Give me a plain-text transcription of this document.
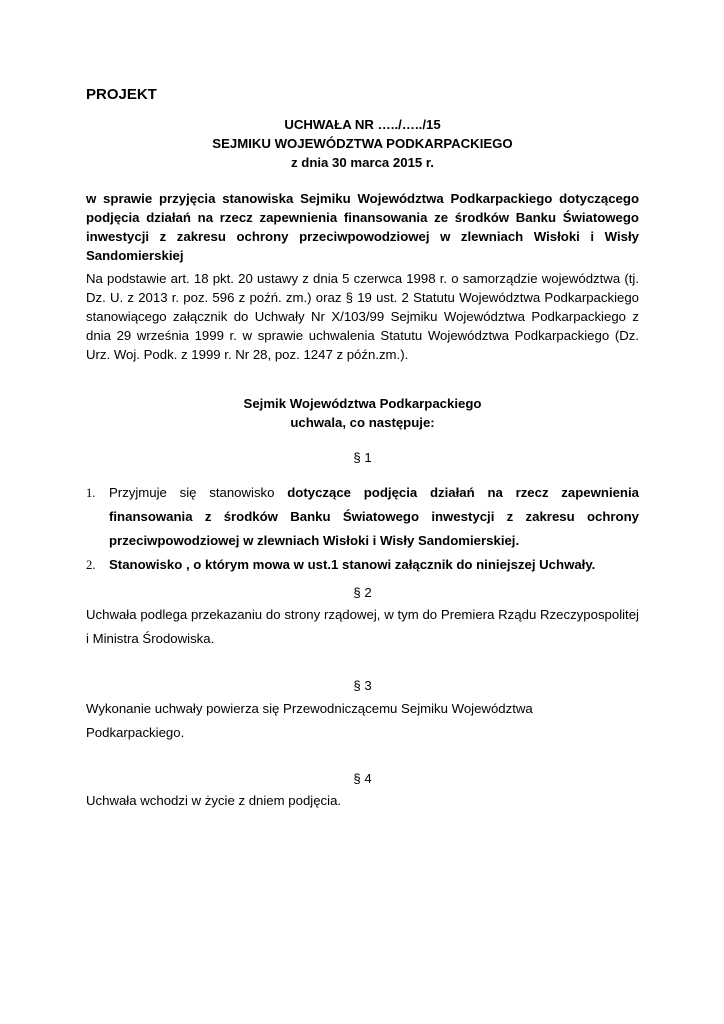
PROJEKT
UCHWAŁA NR …../…../15
SEJMIKU WOJEWÓDZTWA PODKARPACKIEGO
z dnia 30 marca 2015 r.
w sprawie przyjęcia stanowiska Sejmiku Województwa Podkarpackiego dotyczącego podjęcia działań na rzecz zapewnienia finansowania ze środków Banku Światowego inwestycji z zakresu ochrony przeciwpowodziowej w zlewniach Wisłoki i Wisły Sandomierskiej
Na podstawie art. 18 pkt. 20 ustawy z dnia 5 czerwca 1998 r. o samorządzie województwa (tj. Dz. U. z 2013 r. poz. 596 z poźń. zm.) oraz § 19 ust. 2 Statutu Województwa Podkarpackiego stanowiącego załącznik do Uchwały Nr X/103/99 Sejmiku Województwa Podkarpackiego z dnia 29 września 1999 r. w sprawie uchwalenia Statutu Województwa Podkarpackiego (Dz. Urz. Woj. Podk. z 1999 r. Nr 28, poz. 1247 z późn.zm.).
Sejmik Województwa Podkarpackiego
uchwala, co następuje:
§ 1
1. Przyjmuje się stanowisko dotyczące podjęcia działań na rzecz zapewnienia finansowania z środków Banku Światowego inwestycji z zakresu ochrony przeciwpowodziowej w zlewniach Wisłoki i Wisły Sandomierskiej.
2. Stanowisko , o którym mowa w ust.1 stanowi załącznik do niniejszej Uchwały.
§ 2
Uchwała podlega przekazaniu do strony rządowej, w tym do Premiera Rządu Rzeczypospolitej i Ministra Środowiska.
§ 3
Wykonanie uchwały powierza się Przewodniczącemu Sejmiku Województwa
Podkarpackiego.
§ 4
Uchwała wchodzi w życie z dniem podjęcia.
